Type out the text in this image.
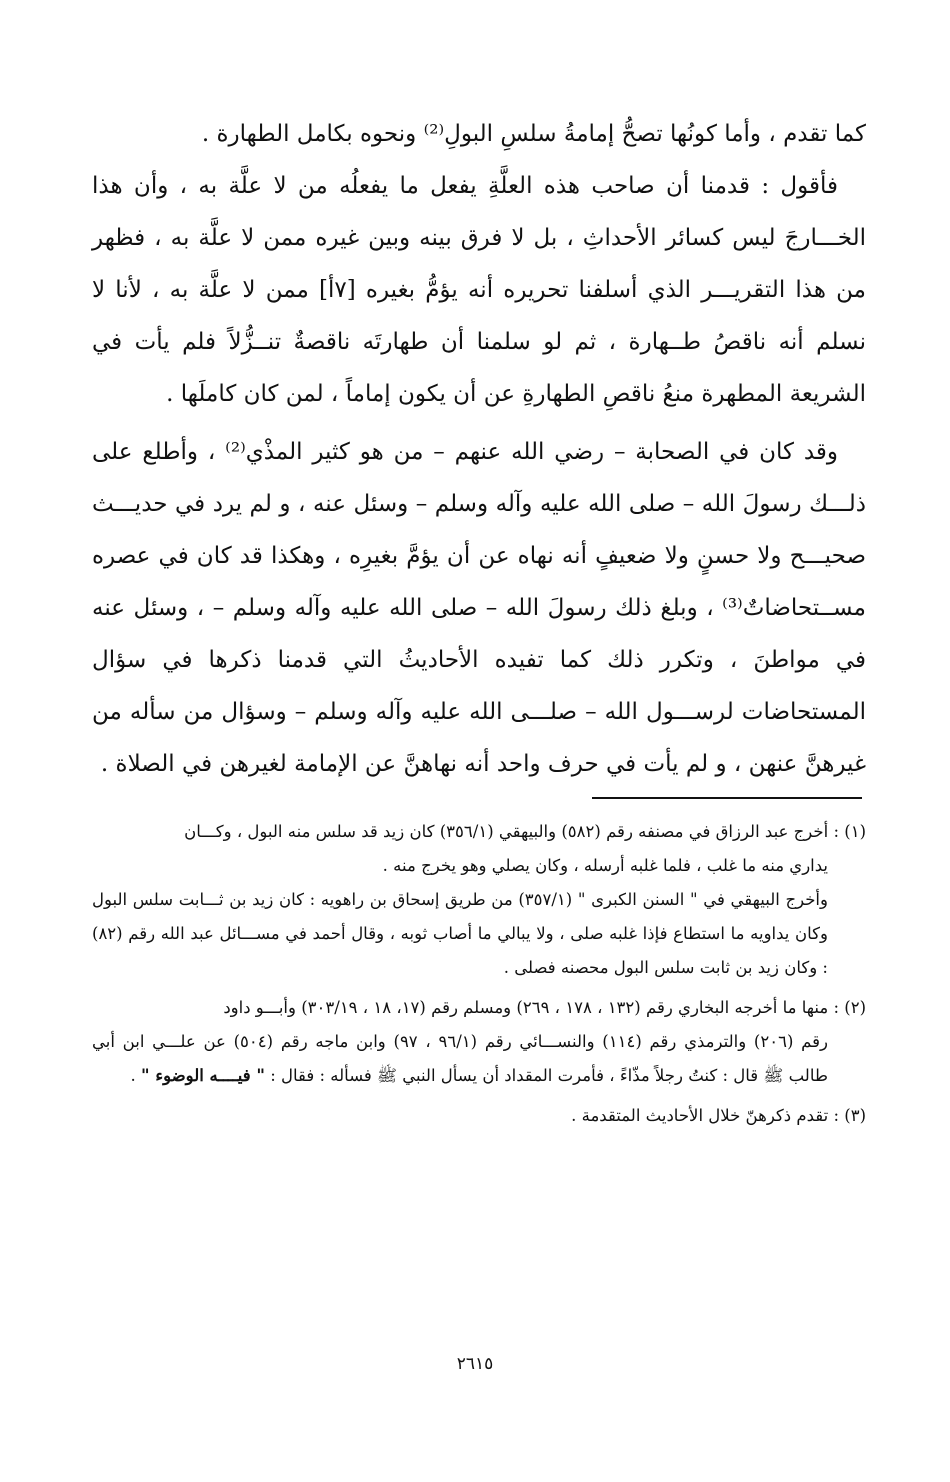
كما تقدم ، وأما كونُها تصحُّ إمامةُ سلسِ البولِ⁽²⁾ ونحوه بكامل الطهارة .

فأقول : قدمنا أن صاحب هذه العلَّةِ يفعل ما يفعلُه من لا علَّة به ، وأن هذا الخـــارجَ ليس كسائر الأحداثِ ، بل لا فرق بينه وبين غيره ممن لا علَّة به ، فظهر من هذا التقريـــر الذي أسلفنا تحريره أنه يؤمُّ بغيره [٧أ] ممن لا علَّة به ، لأنا لا نسلم أنه ناقصُ طــهارة ، ثم لو سلمنا أن طهارتَه ناقصةٌ تنــزُّلاً فلم يأت في الشريعة المطهرة منعُ ناقصِ الطهارةِ عن أن يكون إماماً ، لمن كان كاملَها .

وقد كان في الصحابة – رضي الله عنهم – من هو كثير المذْي⁽²⁾ ، وأطلع على ذلـــك رسولَ الله – صلى الله عليه وآله وسلم – وسئل عنه ، و لم يرد في حديـــث صحيـــح ولا حسنٍ ولا ضعيفٍ أنه نهاه عن أن يؤمَّ بغيرِه ، وهكذا قد كان في عصره مســتحاضاتٌ⁽³⁾ ، وبلغ ذلك رسولَ الله – صلى الله عليه وآله وسلم – ، وسئل عنه في مواطنَ ، وتكرر ذلك كما تفيده الأحاديثُ التي قدمنا ذكرها في سؤال المستحاضات لرســـول الله – صلـــى الله عليه وآله وسلم – وسؤال من سأله من غيرهنَّ عنهن ، و لم يأت في حرف واحد أنه نهاهنَّ عن الإمامة لغيرهن في الصلاة .

(١) : أخرج عبد الرزاق في مصنفه رقم (٥٨٢) والبيهقي (٣٥٦/١) كان زيد قد سلس منه البول ، وكـــان
يداري منه ما غلب ، فلما غلبه أرسله ، وكان يصلي وهو يخرج منه .
وأخرج البيهقي في " السنن الكبرى " (٣٥٧/١) من طريق إسحاق بن راهويه : كان زيد بن ثـــابت سلس البول وكان يداويه ما استطاع فإذا غلبه صلى ، ولا يبالي ما أصاب ثوبه ، وقال أحمد في مســـائل عبد الله رقم (٨٢) : وكان زيد بن ثابت سلس البول محصنه فصلى .
(٢) : منها ما أخرجه البخاري رقم (١٣٢ ، ١٧٨ ، ٢٦٩) ومسلم رقم (١٧، ١٨ ، ٣٠٣/١٩) وأبـــو داود
رقم (٢٠٦) والترمذي رقم (١١٤) والنســـائي رقم (٩٦/١ ، ٩٧) وابن ماجه رقم (٥٠٤) عن علـــي ابن أبي طالب ﷺ قال : كنتُ رجلاً مذّاءً ، فأمرت المقداد أن يسأل النبي ﷺ فسأله : فقال : " فيــــه الوضوء " .
(٣) : تقدم ذكرهنّ خلال الأحاديث المتقدمة .
٢٦١٥
